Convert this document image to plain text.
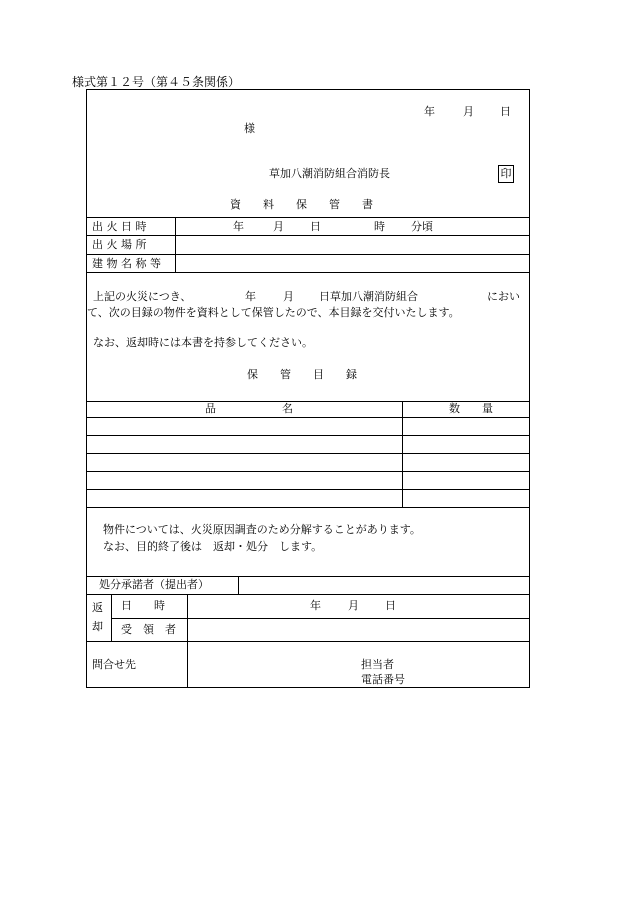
様式第１２号（第４５条関係）
年	月 日
様
草加八潮消防組合消防長	印
資　　料　　保　　管　　書
出 火 日 時	年	月 日	時 分頃
出 火 場 所
建 物 名 称 等
上記の火災につき、	年 月 日草加八潮消防組合	におい
て、次の目録の物件を資料として保管したので、本目録を交付いたします。
なお、返却時には本書を持参してください。
保　　管　　目　　録
品　　　　　　名	数　　量
物件については、火災原因調査のため分解することがあります。
なお、目的終了後は　返却・処分　します。
処分承諾者（提出者）
返却
日　　時	年 月 日
受　領　者
問合せ先	担当者
電話番号
